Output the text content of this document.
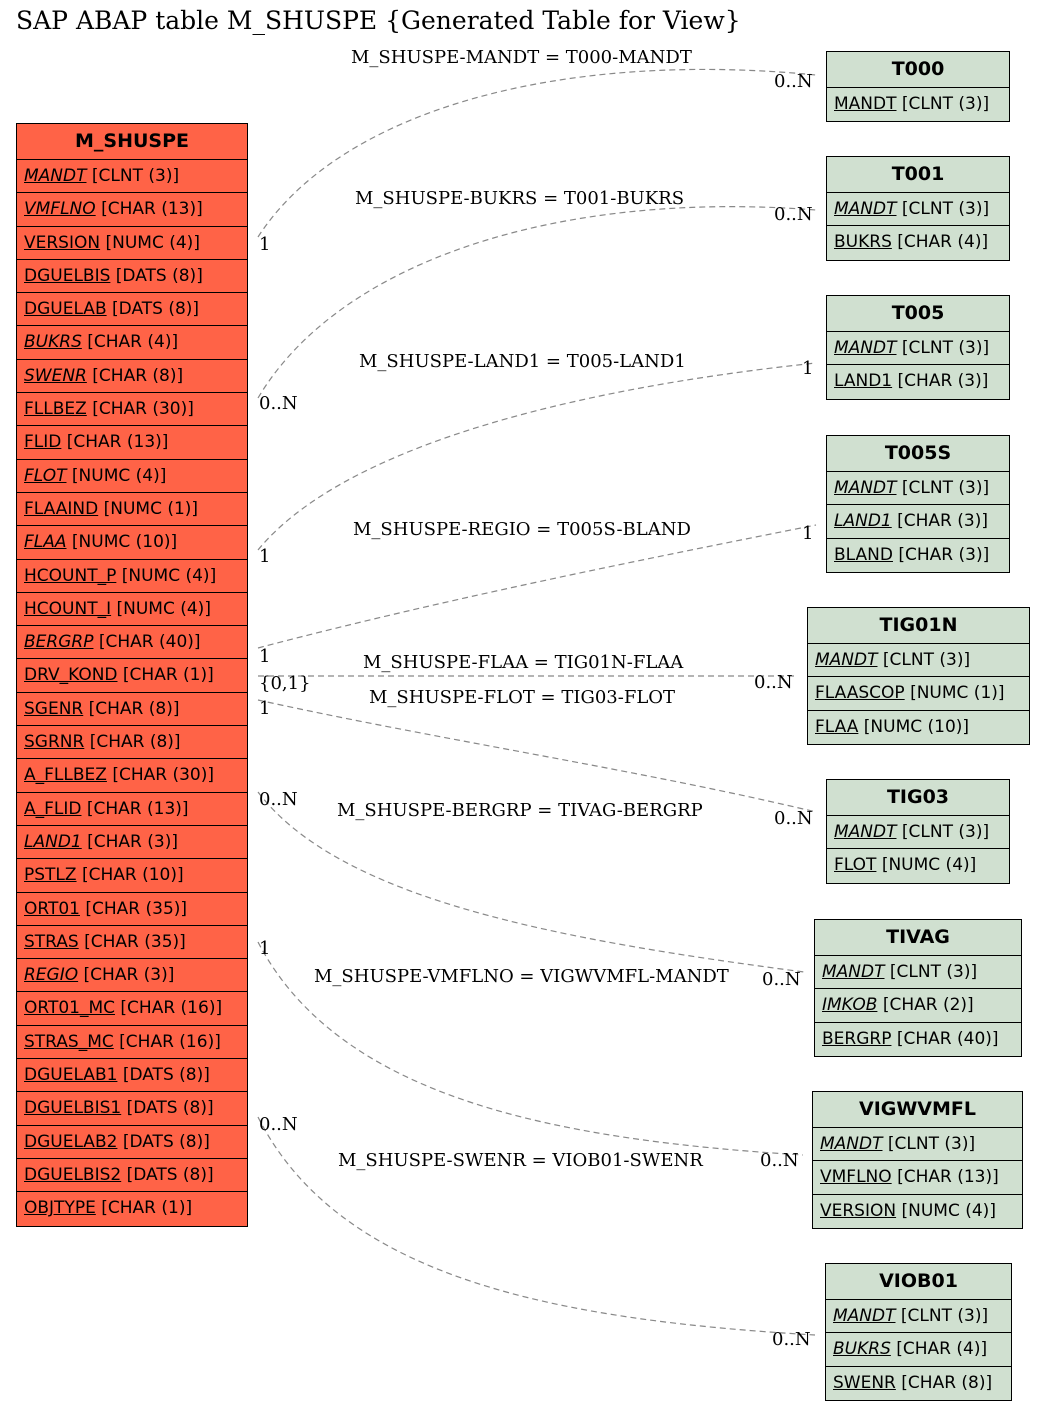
SAP ABAP table M_SHUSPE {Generated Table for View}
M_SHUSPE
MANDT [CLNT (3)]
VMFLNO [CHAR (13)]
VERSION [NUMC (4)]
DGUELBIS [DATS (8)]
DGUELAB [DATS (8)]
BUKRS [CHAR (4)]
SWENR [CHAR (8)]
FLLBEZ [CHAR (30)]
FLID [CHAR (13)]
FLOT [NUMC (4)]
FLAAIND [NUMC (1)]
FLAA [NUMC (10)]
HCOUNT_P [NUMC (4)]
HCOUNT_I [NUMC (4)]
BERGRP [CHAR (40)]
DRV_KOND [CHAR (1)]
SGENR [CHAR (8)]
SGRNR [CHAR (8)]
A_FLLBEZ [CHAR (30)]
A_FLID [CHAR (13)]
LAND1 [CHAR (3)]
PSTLZ [CHAR (10)]
ORT01 [CHAR (35)]
STRAS [CHAR (35)]
REGIO [CHAR (3)]
ORT01_MC [CHAR (16)]
STRAS_MC [CHAR (16)]
DGUELAB1 [DATS (8)]
DGUELBIS1 [DATS (8)]
DGUELAB2 [DATS (8)]
DGUELBIS2 [DATS (8)]
OBJTYPE [CHAR (1)]
T000
MANDT [CLNT (3)]
T001
MANDT [CLNT (3)]
BUKRS [CHAR (4)]
T005
MANDT [CLNT (3)]
LAND1 [CHAR (3)]
T005S
MANDT [CLNT (3)]
LAND1 [CHAR (3)]
BLAND [CHAR (3)]
TIG01N
MANDT [CLNT (3)]
FLAASCOP [NUMC (1)]
FLAA [NUMC (10)]
TIG03
MANDT [CLNT (3)]
FLOT [NUMC (4)]
TIVAG
MANDT [CLNT (3)]
IMKOB [CHAR (2)]
BERGRP [CHAR (40)]
VIGWVMFL
MANDT [CLNT (3)]
VMFLNO [CHAR (13)]
VERSION [NUMC (4)]
VIOB01
MANDT [CLNT (3)]
BUKRS [CHAR (4)]
SWENR [CHAR (8)]
M_SHUSPE-MANDT = T000-MANDT
M_SHUSPE-BUKRS = T001-BUKRS
M_SHUSPE-LAND1 = T005-LAND1
M_SHUSPE-REGIO = T005S-BLAND
M_SHUSPE-FLAA = TIG01N-FLAA
M_SHUSPE-FLOT = TIG03-FLOT
M_SHUSPE-BERGRP = TIVAG-BERGRP
M_SHUSPE-VMFLNO = VIGWVMFL-MANDT
M_SHUSPE-SWENR = VIOB01-SWENR
1
0..N
1
1
{0,1}
1
0..N
1
0..N
0..N
0..N
1
1
0..N
0..N
0..N
0..N
0..N
